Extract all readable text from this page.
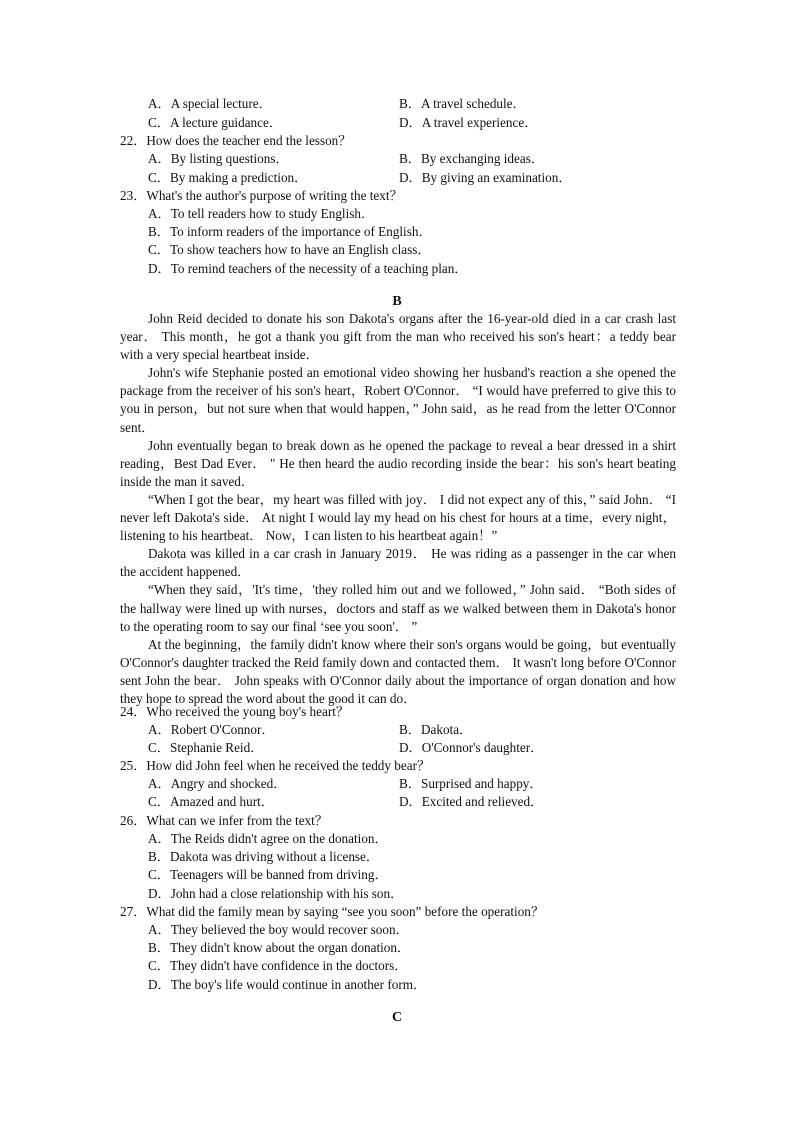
A．A special lecture．	B．A travel schedule．
C．A lecture guidance．	D．A travel experience．
22．How does the teacher end the lesson？
A．By listing questions．	B．By exchanging ideas．
C．By making a prediction．	D．By giving an examination．
23．What's the author's purpose of writing the text？
A．To tell readers how to study English．
B．To inform readers of the importance of English．
C．To show teachers how to have an English class．
D．To remind teachers of the necessity of a teaching plan．
B

John Reid decided to donate his son Dakota's organs after the 16-year-old died in a car crash last year． This month，he got a thank you gift from the man who received his son's heart：a teddy bear with a very special heartbeat inside．

John's wife Stephanie posted an emotional video showing her husband's reaction a she opened the package from the receiver of his son's heart，Robert O'Connor． “I would have preferred to give this to you in person，but not sure when that would happen，” John said，as he read from the letter O'Connor sent．

John eventually began to break down as he opened the package to reveal a bear dressed in a shirt reading，Best Dad Ever． " He then heard the audio recording inside the bear：his son's heart beating inside the man it saved．

“When I got the bear，my heart was filled with joy． I did not expect any of this，” said John． “I never left Dakota's side． At night I would lay my head on his chest for hours at a time，every night，listening to his heartbeat． Now，I can listen to his heartbeat again！”

Dakota was killed in a car crash in January 2019． He was riding as a passenger in the car when the accident happened．

“When they said，'It's time，'they rolled him out and we followed，” John said． “Both sides of the hallway were lined up with nurses，doctors and staff as we walked between them in Dakota's honor to the operating room to say our final ‘see you soon'． ”

At the beginning，the family didn't know where their son's organs would be going，but eventually O'Connor's daughter tracked the Reid family down and contacted them． It wasn't long before O'Connor sent John the bear． John speaks with O'Connor daily about the importance of organ donation and how they hope to spread the word about the good it can do．

24．Who received the young boy's heart？
A．Robert O'Connor．	B．Dakota．
C．Stephanie Reid．	D．O'Connor's daughter．
25．How did John feel when he received the teddy bear？
A．Angry and shocked．	B．Surprised and happy．
C．Amazed and hurt．	D．Excited and relieved．
26．What can we infer from the text？
A．The Reids didn't agree on the donation．
B．Dakota was driving without a license．
C．Teenagers will be banned from driving．
D．John had a close relationship with his son．
27．What did the family mean by saying “see you soon” before the operation？
A．They believed the boy would recover soon．
B．They didn't know about the organ donation．
C．They didn't have confidence in the doctors．
D．The boy's life would continue in another form．
C
